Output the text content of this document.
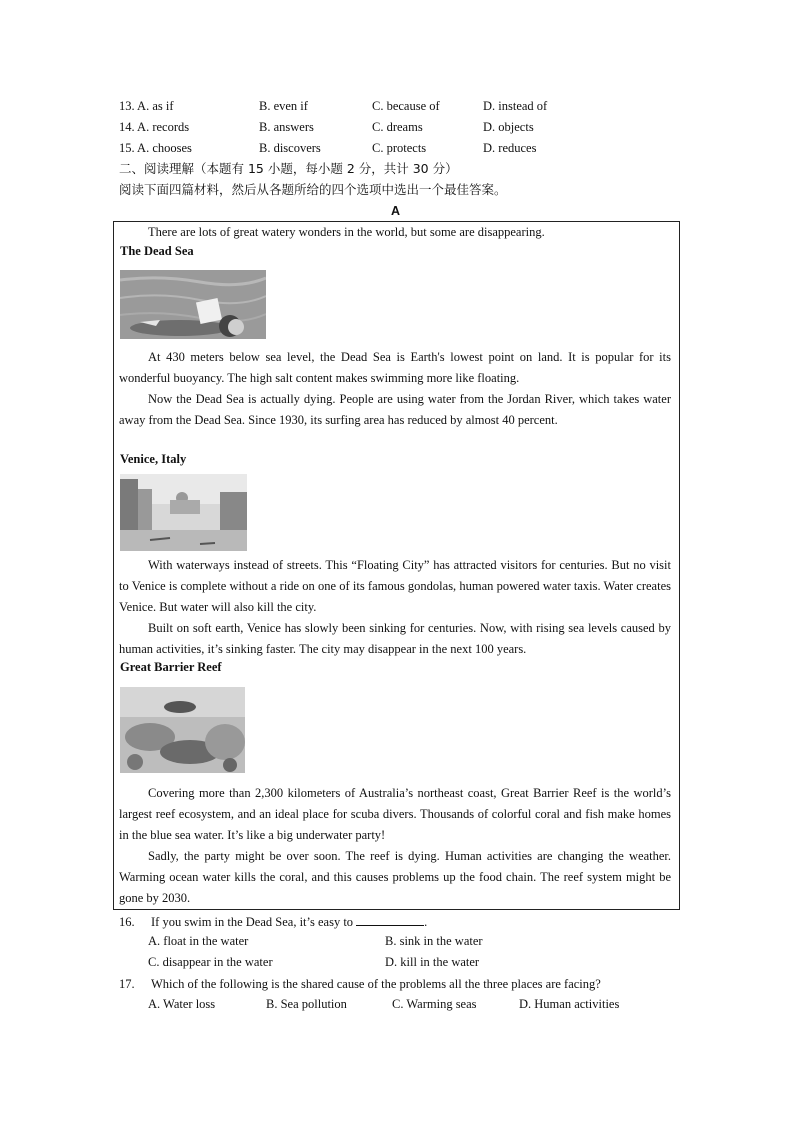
13. A. as if	B. even if	C. because of	D. instead of
14. A. records	B. answers	C. dreams	D. objects
15. A. chooses	B. discovers	C. protects	D. reduces
二、阅读理解（本题有 15 小题，每小题 2 分，共计 30 分）
阅读下面四篇材料，然后从各题所给的四个选项中选出一个最佳答案。
A
There are lots of great watery wonders in the world, but some are disappearing.
The Dead Sea
At 430 meters below sea level, the Dead Sea is Earth's lowest point on land. It is popular for its wonderful buoyancy. The high salt content makes swimming more like floating.
Now the Dead Sea is actually dying. People are using water from the Jordan River, which takes water away from the Dead Sea. Since 1930, its surfing area has reduced by almost 40 percent.
Venice, Italy
With waterways instead of streets. This “Floating City” has attracted visitors for centuries. But no visit to Venice is complete without a ride on one of its famous gondolas, human powered water taxis. Water creates Venice. But water will also kill the city.
Built on soft earth, Venice has slowly been sinking for centuries. Now, with rising sea levels caused by human activities, it’s sinking faster. The city may disappear in the next 100 years.
Great Barrier Reef
Covering more than 2,300 kilometers of Australia’s northeast coast, Great Barrier Reef is the world’s largest reef ecosystem, and an ideal place for scuba divers. Thousands of colorful coral and fish make homes in the blue sea water. It’s like a big underwater party!
Sadly, the party might be over soon. The reef is dying. Human activities are changing the weather. Warming ocean water kills the coral, and this causes problems up the food chain. The reef system might be gone by 2030.
16. If you swim in the Dead Sea, it’s easy to	.
A. float in the water	B. sink in the water
C. disappear in the water	D. kill in the water
17. Which of the following is the shared cause of the problems all the three places are facing?
A. Water loss	B. Sea pollution	C. Warming seas	D. Human activities
